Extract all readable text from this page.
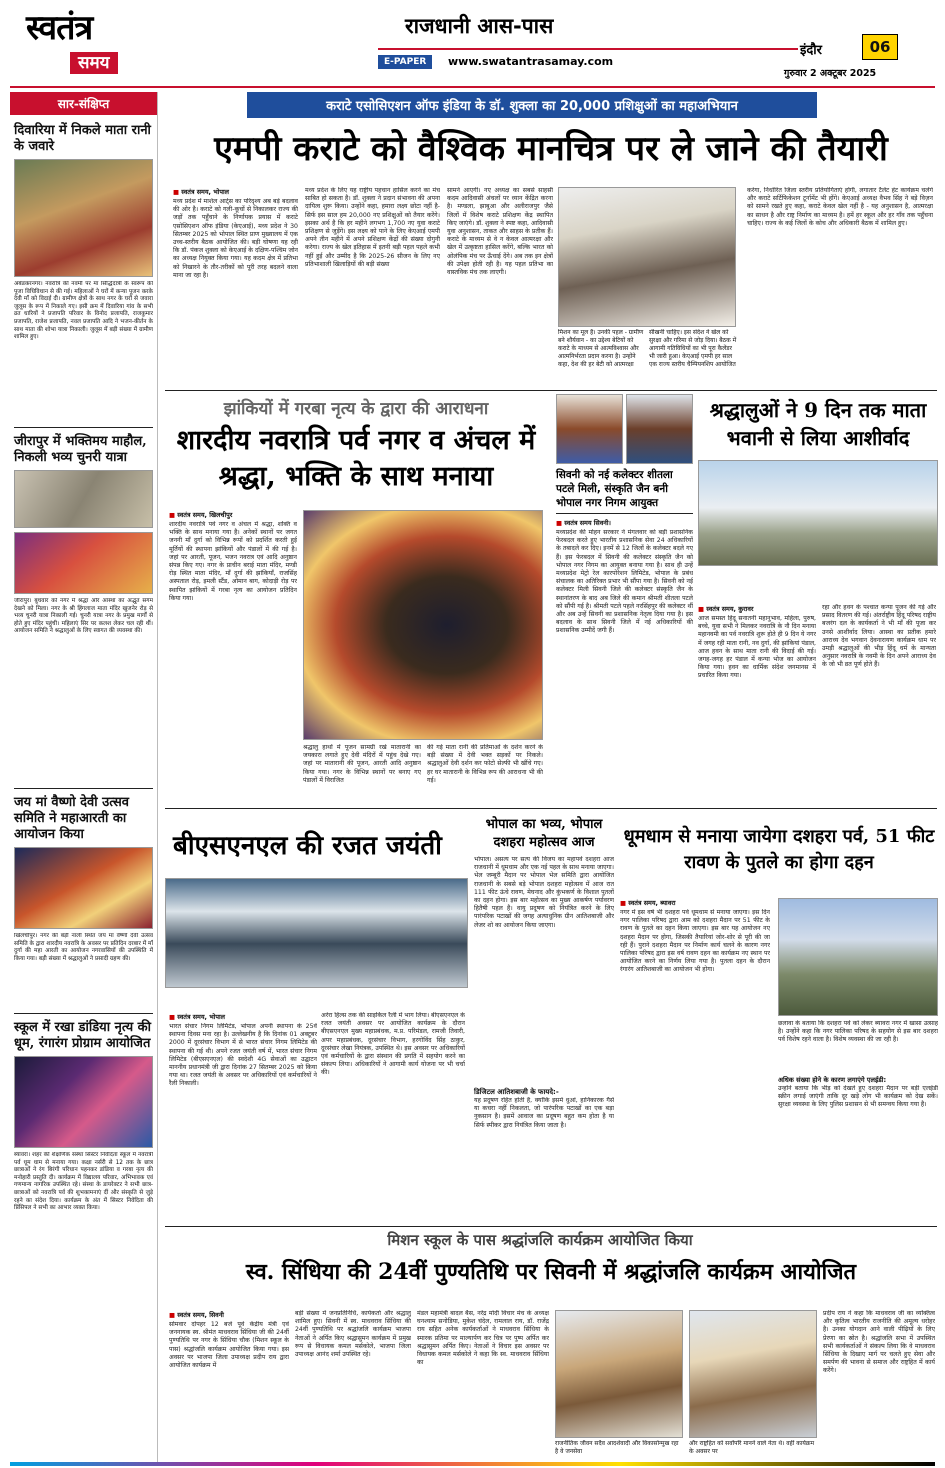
स्वतंत्र
समय
राजधानी आस-पास
E-PAPER	www.swatantrasamay.com
इंदौर	06
गुरुवार 2 अक्टूबर 2025
सार-संक्षिप्त
दिवारिया में निकले माता रानी के जवारे
अंबेडकरनगर। नवरात्रि की नवमी पर मां सिद्धिदात्री के स्वरूप की पूजा विधिविधान से की गई। महिलाओं ने घरों में कन्या पूजन करके देवी माँ को विदाई दी। ग्रामीण क्षेत्रों के साथ नगर के घरों से जवारा जुलूस के रूप में निकाले गए। इसी क्रम में दिवारिया गांव के सभी व्रत धारियों ने प्रजापति परिवार के विनोद प्रजापति, राजकुमार प्रजापति, राजेश प्रजापति, नवल प्रजापति आदि ने भजन-कीर्तन के साथ माता की शोभा यात्रा निकाली। जुलूस में बड़ी संख्या में ग्रामीण शामिल हुए।
जीरापुर में भक्तिमय माहौल, निकली भव्य चुनरी यात्रा
जीरापुर। बुधवार को नगर में श्रद्धा और आस्था का अद्भुत संगम देखने को मिला। नगर के श्री हिंगलाज माता मंदिर खुजनेर रोड़ से भव्य चुनरी यात्रा निकाली गई। चुनरी यात्रा नगर के प्रमुख मार्गों से होते हुए मंदिर पहुंची। महिलाएं सिर पर कलश लेकर चल रही थीं। आयोजन समिति ने श्रद्धालुओं के लिए स्वागत की व्यवस्था की।
जय मां वैष्णो देवी उत्सव समिति ने महाआरती का आयोजन किया
खिलचीपुर। नगर की बड़ी नाली स्थित जय मां वैष्णो देवी उत्सव समिति के द्वारा शारदीय नवरात्रि के अवसर पर प्रतिदिन दरबार में माँ दुर्गा की महा आरती का आयोजन नगरवासियों की उपस्थिति में किया गया। बड़ी संख्या में श्रद्धालुओं ने प्रसादी ग्रहण की।
स्कूल में रखा डांडिया नृत्य की धूम, रंगारंग प्रोग्राम आयोजित
ब्यावरा। शहर की शैक्षणिक संस्था सिस्टर निवेदिता स्कूल में नवरात्री पर्व धूम धाम से मनाया गया। कक्षा नर्सरी से 12 तक के छात्र छात्राओं ने रंग बिरंगी परिधान पहनकर डांडिया व गरबा नृत्य की मनोहारी प्रस्तुति दी। कार्यक्रम में विद्यालय परिवार, अभिभावक एवं गणमान्य नागरिक उपस्थित रहे। संस्था के डायरेक्टर ने सभी छात्र-छात्राओं को नवरात्रि पर्व की शुभकामनाएं दीं और संस्कृति से जुड़े रहने का संदेश दिया। कार्यक्रम के अंत में सिस्टर निवेदिता की प्रिंसिपल ने सभी का आभार व्यक्त किया।
कराटे एसोसिएशन ऑफ इंडिया के डॉ. शुक्ला का 20,000 प्रशिक्षुओं का महाअभियान
एमपी कराटे को वैश्विक मानचित्र पर ले जाने की तैयारी
■ स्वतंत्र समय, भोपाल
मध्य प्रदेश में मार्शल आर्ट्स का परिदृश्य अब बड़े बदलाव की ओर है। कराटे को गली-कूचों से निकालकर राज्य की जड़ों तक पहुँचाने के निर्णायक प्रयास में कराटे एसोसिएशन ऑफ इंडिया (केएआई), मध्य प्रदेश ने 30 सितम्बर 2025 को भोपाल स्थित प्राण मुख्यालय में एक उच्च-स्तरीय बैठक आयोजित की। बड़ी घोषणा यह रही कि डॉ. पंकज शुक्ला को केएआई के दक्षिण-पश्चिम जोन का अध्यक्ष नियुक्त किया गया। यह कदम क्षेत्र में प्रतिभा को निखारने के तौर-तरीकों को पूरी तरह बदलने वाला माना जा रहा है।
मध्य प्रदेश के लिए यह राष्ट्रीय पहचान हासिल करने का मंच साबित हो सकता है। डॉ. शुक्ला ने प्रदान संभावना की अपना दायित्व शुरू किया। उन्होंने कहा, हमारा लक्ष्य छोटा नहीं है- सिर्फ इस साल हम 20,000 नए प्रशिक्षुओं को तैयार करेंगे। इसका अर्थ है कि हर महीने लगभग 1,700 नए युवा कराटे प्रशिक्षण से जुड़ेंगे। इस लक्ष्य को पाने के लिए केएआई एमपी अपने तीन महीने में अपने प्रशिक्षण केंद्रों की संख्या दोगुनी करेगा। राज्य के खेल इतिहास में इतनी बड़ी पहल पहले कभी नहीं हुई और उम्मीद है कि 2025-26 सीजन के लिए नए प्रतिभाशाली खिलाड़ियों की बड़ी संख्या
सामने आएगी। नए अध्यक्ष का सबसे साहसी कदम आदिवासी अंचलों पर ध्यान केंद्रित करना है। मण्डला, झाबुआ और अलीराजपुर जैसे जिलों में विशेष कराटे प्रशिक्षण केंद्र स्थापित किए जाएंगे। डॉ. शुक्ला ने स्पष्ट कहा, आदिवासी युवा अनुशासन, ताकत और साहस के प्रतीक हैं। कराटे के माध्यम से वे न केवल आत्मरक्षा और खेल में उत्कृष्टता हासिल करेंगे, बल्कि भारत को ओलंपिक मंच पर ऊँचाई देंगे। अब तक इन क्षेत्रों की उपेक्षा होती रही है। यह पहल प्रतिभा का वास्तविक मंच तक लाएगी।
मिशन का मूल है। उनकी पहल - ग्रामीण बने शौर्यवान - का उद्देश्य बेटियों को कराटे के माध्यम से आत्मविश्वास और आत्मनिर्भरता प्रदान करना है। उन्होंने कहा, देश की हर बेटी को आत्मरक्षा
सीखनी चाहिए। इस संदेश ने खेल को सुरक्षा और गरिमा से जोड़ दिया। बैठक में आगामी गतिविधियों का भी पूरा कैलेंडर भी जारी हुआ। केएआई एमपी हर साल एक राज्य स्तरीय चैम्पियनशिप आयोजित
करेगा, निर्धारित जिला स्तरीय प्रतियोगिताएं होंगी, लगातार टैलेंट हंट कार्यक्रम चलेंगे और कराटे सर्टिफिकेशन टूर्नामेंट भी होंगे। केएआई अध्यक्ष वैभव सिंह ने बड़े विज़न को सामने रखते हुए कहा, कराटे केवल खेल नहीं है - यह अनुशासन है, आत्मरक्षा का साधन है और राष्ट्र निर्माण का माध्यम है। हमें हर स्कूल और हर गाँव तक पहुँचना चाहिए। राज्य के कई जिलों के कोच और अधिकारी बैठक में शामिल हुए।
झांकियों में गरबा नृत्य के द्वारा की आराधना
शारदीय नवरात्रि पर्व नगर व अंचल में श्रद्धा, भक्ति के साथ मनाया
■ स्वतंत्र समय, खिलचीपुर
शारदीय नवरात्रि पर्व नगर व अंचल में श्रद्धा, शक्ति व भक्ति के साथ मनाया गया है। अनेकों स्थानों पर जगत जननी माँ दुर्गा को विभिन्न रूपों को प्रदर्शित करती हुई मूर्तियों की स्थापना झांकियों और पंडालों में की गई है। जहां पर आरती, पूजन, भजन नवरात्र एवं आदि अनुष्ठान संपन्न किए गए। नगर के प्राचीन बराई माता मंदिर, मण्डी रोड़ स्थित माता मंदिर, माँ दुर्गा की झांकियाँ, राजसिंह अस्पताल रोड़, इमली स्टैंड, ओमान बाग, कोदाड़ी रोड़ पर स्थापित झांकियों में गरबा नृत्य का आयोजन प्रतिदिन किया गया।
श्रद्धालु हाथों में पूजन सामग्री रखे मातारानी का जयकारा लगाते हुए देवी मंदिरों में पहुंच देखे गए। जहां पर मातारानी की पूजन, आरती आदि अनुष्ठान किया गया। नगर के विभिन्न स्थानों पर बनाए गए पंडालों में विराजित
की गई माता रानी की प्रतिमाओं के दर्शन करने के बड़ी संख्या में देवी भक्त सड़कों पर निकले। श्रद्धालुओं देवी दर्शन कर फोटो सेल्फी भी खींचे गए। हर घर मातारानी के विभिन्न रूप की आराधना भी की गई।
सिवनी को नई कलेक्टर शीतला पटले मिली, संस्कृति जैन बनी भोपाल नगर निगम आयुक्त
■ स्वतंत्र समय सिवनी।
मध्यप्रदेश की मोहन सरकार ने मंगलवार को बड़ी प्रशासनिक फेरबदल करते हुए भारतीय प्रशासनिक सेवा 24 अधिकारियों के तबादले कर दिए। इनमें से 12 जिलों के कलेक्टर बदले गए हैं। इस फेरबदल में सिवनी की कलेक्टर संस्कृति जैन को भोपाल नगर निगम का आयुक्त बनाया गया है। साथ ही उन्हें मध्यप्रदेश मेट्रो रेल कारपोरेशन लिमिटेड, भोपाल के प्रबंध संचालक का अतिरिक्त प्रभार भी सौंपा गया है। सिवनी को नई कलेक्टर मिली सिवनी जिले की कलेक्टर संस्कृति जैन के स्थानांतरण के बाद अब जिले की कमान श्रीमती शीतला पटले को सौंपी गई है। श्रीमती पटले पहले नरसिंहपुर की कलेक्टर थीं और अब उन्हें सिवनी का प्रशासनिक नेतृत्व दिया गया है। इस बदलाव के साथ सिवनी जिले में नई अधिकारियों की प्रशासनिक उम्मीदें जगी हैं।
श्रद्धालुओं ने 9 दिन तक माता भवानी से लिया आशीर्वाद
■ स्वतंत्र समय, कुरावर
आज समस्त हिंदू सनातनी महानुभाव, महिला, पुरुष, बच्चे, युवा सभी ने मिलकर नवरात्रि के नौ दिन मनाया महानवमी का पर्व नवरात्रि शुरू होते ही 9 दिन ये नगर में जगह रही माता रानी, नव दुर्गा, की झांकियां पंडाल, आज हवन के साथ माता रानी की विदाई की गई। जगह-जगह हर पंडाल में कन्या भोज का आयोजन किया गया। हवन का धार्मिक संदेश जनमानस में प्रचारित किया गया।
रहा और हवन के पश्चात कन्या पूजन की गई और प्रसाद वितरण की गई। अंतर्राष्ट्रीय हिंदू परिषद राष्ट्रीय बजरंग दल के कार्यकर्ता ने भी माँ की पूजा कर उनसे आशीर्वाद लिया। आस्था का प्रतीक हमारे आराध्य देव भगवान देवनारायण कार्यक्रम धाम पर उमड़ी श्रद्धालुओं की भीड़ हिंदू धर्म के मान्यता अनुसार नवरात्रि के नवमी के दिन अपने आराध्य देव के जो भी व्रत पूर्ण होते हैं।
बीएसएनएल की रजत जयंती
■ स्वतंत्र समय, भोपाल
भारत संचार निगम लिमिटेड, भोपाल अपनी स्थापना के 25वें स्थापना दिवस मना रहा है। उल्लेखनीय है कि दिनांक 01 अक्टूबर 2000 में दूरसंचार विभाग में से भारत संचार निगम लिमिटेड की स्थापना की गई थी। अपने रजत जयंती वर्ष में, भारत संचार निगम लिमिटेड (बीएसएनएल) की स्वदेशी 4G सेवाओं का उद्घाटन माननीय प्रधानमंत्री जी द्वारा दिनांक 27 सितम्बर 2025 को किया गया था। रजत जयंती के अवसर पर अधिकारियों एवं कर्मचारियों ने रैली निकाली।
अरेरा हिल्स तक की साइकिल रैली में भाग लिया। बीएसएनएल के रजत जयंती अवसर पर आयोजित कार्यक्रम के दौरान बीएसएनएल मुख्य महाप्रबंधक, म.प्र. परिमंडल, रामजी तिवारी, अपर महाप्रबंधक, दूरसंचार विभाग, हरगोविंद सिंह ठाकुर, दूरसंचार लेखा नियंत्रक, उपस्थित थे। इस अवसर पर अधिकारियों एवं कर्मचारियों के द्वारा संस्थान की प्रगति में सहयोग करने का संकल्प लिया। अधिकारियों ने आगामी कार्य योजना पर भी चर्चा की।
भोपाल का भव्य, भोपाल दशहरा महोत्सव आज
भोपाल। असत्य पर सत्य की विजय का महापर्व दशहरा आज राजधानी में धूमधाम और एक नई पहल के साथ मनाया जाएगा। भेल जम्बूरी मैदान पर भोपाल भेल समिति द्वारा आयोजित राजधानी के सबसे बड़े भोपाल दशहरा महोत्सव में आज रात 111 फीट ऊंचे रावण, मेघनाद और कुंभकर्ण के विशाल पुतलों का दहन होगा। इस बार महोत्सव का मुख्य आकर्षण पर्यावरण हितैषी पहल है। वायु प्रदूषण को नियंत्रित करने के लिए पारंपरिक पटाखों की जगह अत्याधुनिक ग्रीन आतिशबाजी और लेजर शो का आयोजन किया जाएगा।
डिजिटल आतिशबाजी के फायदे:-
यह प्रदूषण रहित होती है, क्योंकि इसमें धुआं, हानिकारक गैसें या कचरा नहीं निकलता, जो पारंपरिक पटाखों का एक बड़ा नुकसान है। इसमें आवाज का प्रदूषण बहुत कम होता है या सिर्फ स्पीकर द्वारा नियंत्रित किया जाता है।
धूमधाम से मनाया जायेगा दशहरा पर्व, 51 फीट रावण के पुतले का होगा दहन
■ स्वतंत्र समय, ब्यावरा
नगर में इस वर्ष भी दशहरा पर्व धूमधाम से मनाया जाएगा। इस दिन नगर पालिका परिषद द्वारा आम को दशहरा मैदान पर 51 फीट के रावण के पुतले का दहन किया जाएगा। इस बार यह आयोजन नए दशहरा मैदान पर होगा, जिसकी तैयारियां जोर-शोर से पूरी की जा रही हैं। पुराने दशहरा मैदान पर निर्माण कार्य चलने के कारण नगर पालिका परिषद द्वारा इस वर्ष रावण दहन का कार्यक्रम नए स्थान पर आयोजित करने का निर्णय लिया गया है। पुतला दहन के दौरान रंगारंग आतिशबाजी का आयोजन भी होगा।
छलावा के बताया कि दशहरा पर्व को लेकर ब्यावरा नगर में खासा उत्साह है। उन्होंने कहा कि नगर पालिका परिषद के सहयोग से इस बार दशहरा पर्व विशेष रहने वाला है। विशेष व्यवस्था की जा रही है।
अधिक संख्या होने के कारण लगाएंगे एलईडी:
उन्होंने बताया कि भीड़ को देखते हुए दशहरा मैदान पर बड़ी एलईडी स्क्रीन लगाई जाएंगी ताकि दूर खड़े लोग भी कार्यक्रम को देख सकें। सुरक्षा व्यवस्था के लिए पुलिस प्रशासन से भी समन्वय किया गया है।
मिशन स्कूल के पास श्रद्धांजलि कार्यक्रम आयोजित किया
स्व. सिंधिया की 24वीं पुण्यतिथि पर सिवनी में श्रद्धांजलि कार्यक्रम आयोजित
■ स्वतंत्र समय, सिवनी
सोमवार दोपहर 12 बजे पूर्व केंद्रीय मंत्री एवं जननायक स्व. श्रीमंत माधवराव सिंधिया जी की 24वीं पुण्यतिथि पर नगर के सिंधिया चौक (मिशन स्कूल के पास) श्रद्धांजलि कार्यक्रम आयोजित किया गया। इस अवसर पर भाजपा जिला उपाध्यक्ष प्रदीप राय द्वारा आयोजित कार्यक्रम में
बड़ी संख्या में जनप्रतिनिधि, कार्यकर्ता और श्रद्धालु शामिल हुए। सिवनी में स्व. माधवराव सिंधिया की 24वीं पुण्यतिथि पर श्रद्धांजलि कार्यक्रम भाजपा नेताओं ने अर्पित किए श्रद्धासुमन कार्यक्रम में प्रमुख रूप से विधायक कमल मर्सकोले, भाजपा जिला उपाध्यक्ष आनंद शर्मा उपस्थित रहे।
मंडल महामंत्री बादल बैस, नरेंद्र मोदी विचार मंच के अध्यक्ष घनश्याम सनोडिया, मुकेश चंदेल, रामलाल राय, डॉ. राजेंद्र राय सहित अनेक कार्यकर्ताओं ने माधवराव सिंधिया के स्मारक प्रतिमा पर माल्यार्पण कर चित्र पर पुष्प अर्पित कर श्रद्धासुमन अर्पित किए। नेताओं ने विचार इस अवसर पर विधायक कमल मर्सकोले ने कहा कि स्व. माधवराव सिंधिया का
राजनीतिक जीवन सदैव आदर्शवादी और विकासोन्मुख रहा है वे जनसेवा
और राष्ट्रहित को सर्वोपरि मानने वाले नेता थे। वहीं कार्यक्रम के अवसर पर
प्रदीप राय ने कहा कि माधवराव जी का व्यक्तित्व और कृतित्व भारतीय राजनीति की अमूल्य धरोहर है। उनका योगदान आने वाली पीढ़ियों के लिए प्रेरणा का स्रोत है। श्रद्धांजलि सभा में उपस्थित सभी कार्यकर्ताओं ने संकल्प लिया कि वे माधवराव सिंधिया के दिखाए मार्ग पर चलते हुए सेवा और समर्पण की भावना से समाज और राष्ट्रहित में कार्य करेंगे।
